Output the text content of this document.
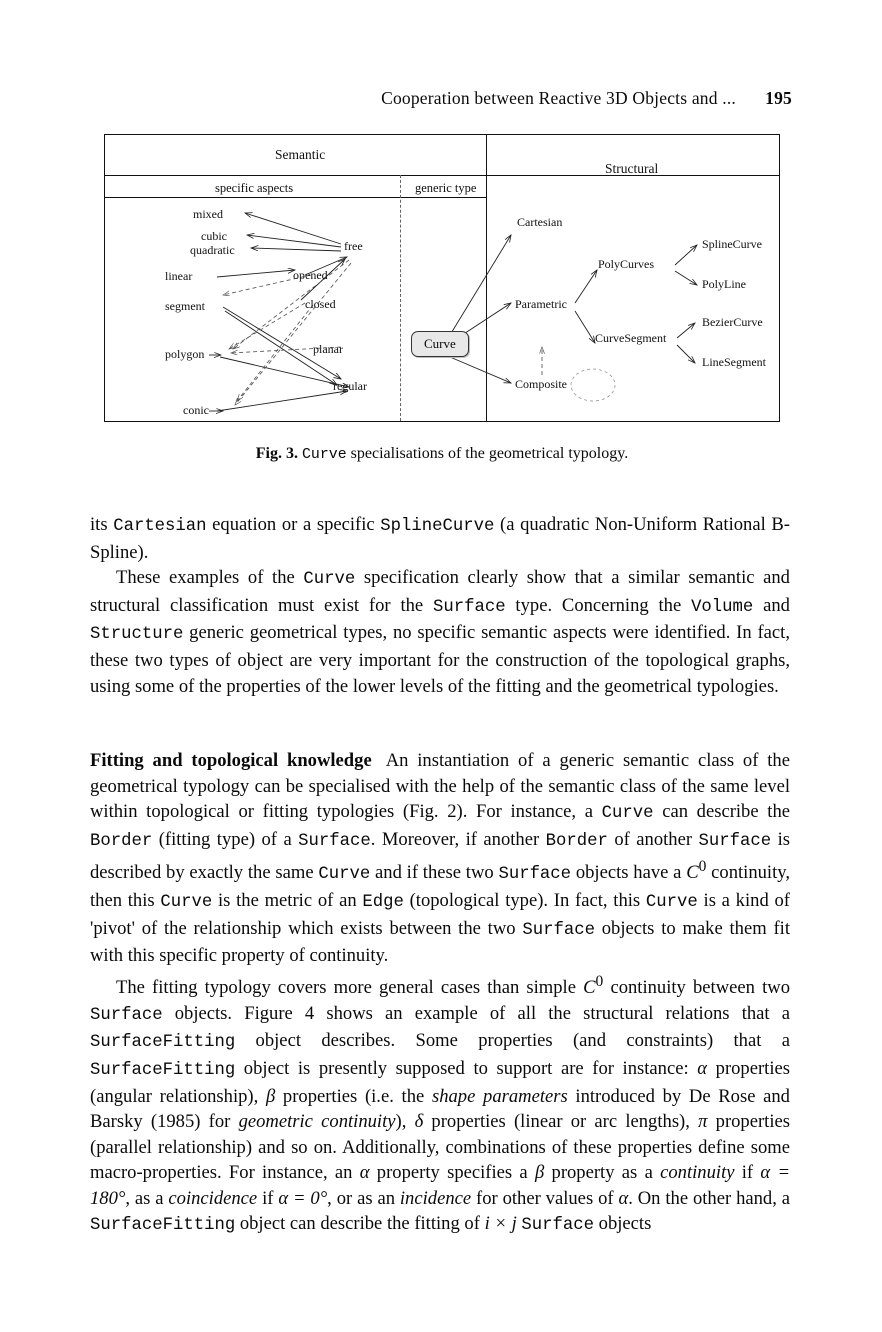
Cooperation between Reactive 3D Objects and ... 195
Semantic
Structural
specific aspects	generic type
mixed
cubic
quadratic
linear
segment
polygon
conic
free
opened
closed
planar
regular
Curve
Cartesian
Parametric
Composite
PolyCurves
CurveSegment
SplineCurve
PolyLine
BezierCurve
LineSegment
Fig. 3. Curve specialisations of the geometrical typology.

its Cartesian equation or a specific SplineCurve (a quadratic Non-Uniform Rational B-Spline).

These examples of the Curve specification clearly show that a similar semantic and structural classification must exist for the Surface type. Concerning the Volume and Structure generic geometrical types, no specific semantic aspects were identified. In fact, these two types of object are very important for the construction of the topological graphs, using some of the properties of the lower levels of the fitting and the geometrical typologies.

Fitting and topological knowledge An instantiation of a generic semantic class of the geometrical typology can be specialised with the help of the semantic class of the same level within topological or fitting typologies (Fig. 2). For instance, a Curve can describe the Border (fitting type) of a Surface. Moreover, if another Border of another Surface is described by exactly the same Curve and if these two Surface objects have a $C^0$ continuity, then this Curve is the metric of an Edge (topological type). In fact, this Curve is a kind of 'pivot' of the relationship which exists between the two Surface objects to make them fit with this specific property of continuity.

The fitting typology covers more general cases than simple $C^0$ continuity between two Surface objects. Figure 4 shows an example of all the structural relations that a SurfaceFitting object describes. Some properties (and constraints) that a SurfaceFitting object is presently supposed to support are for instance: α properties (angular relationship), β properties (i.e. the shape parameters introduced by De Rose and Barsky (1985) for geometric continuity), δ properties (linear or arc lengths), π properties (parallel relationship) and so on. Additionally, combinations of these properties define some macro-properties. For instance, an α property specifies a β property as a continuity if α = 180°, as a coincidence if α = 0°, or as an incidence for other values of α. On the other hand, a SurfaceFitting object can describe the fitting of i × j Surface objects
